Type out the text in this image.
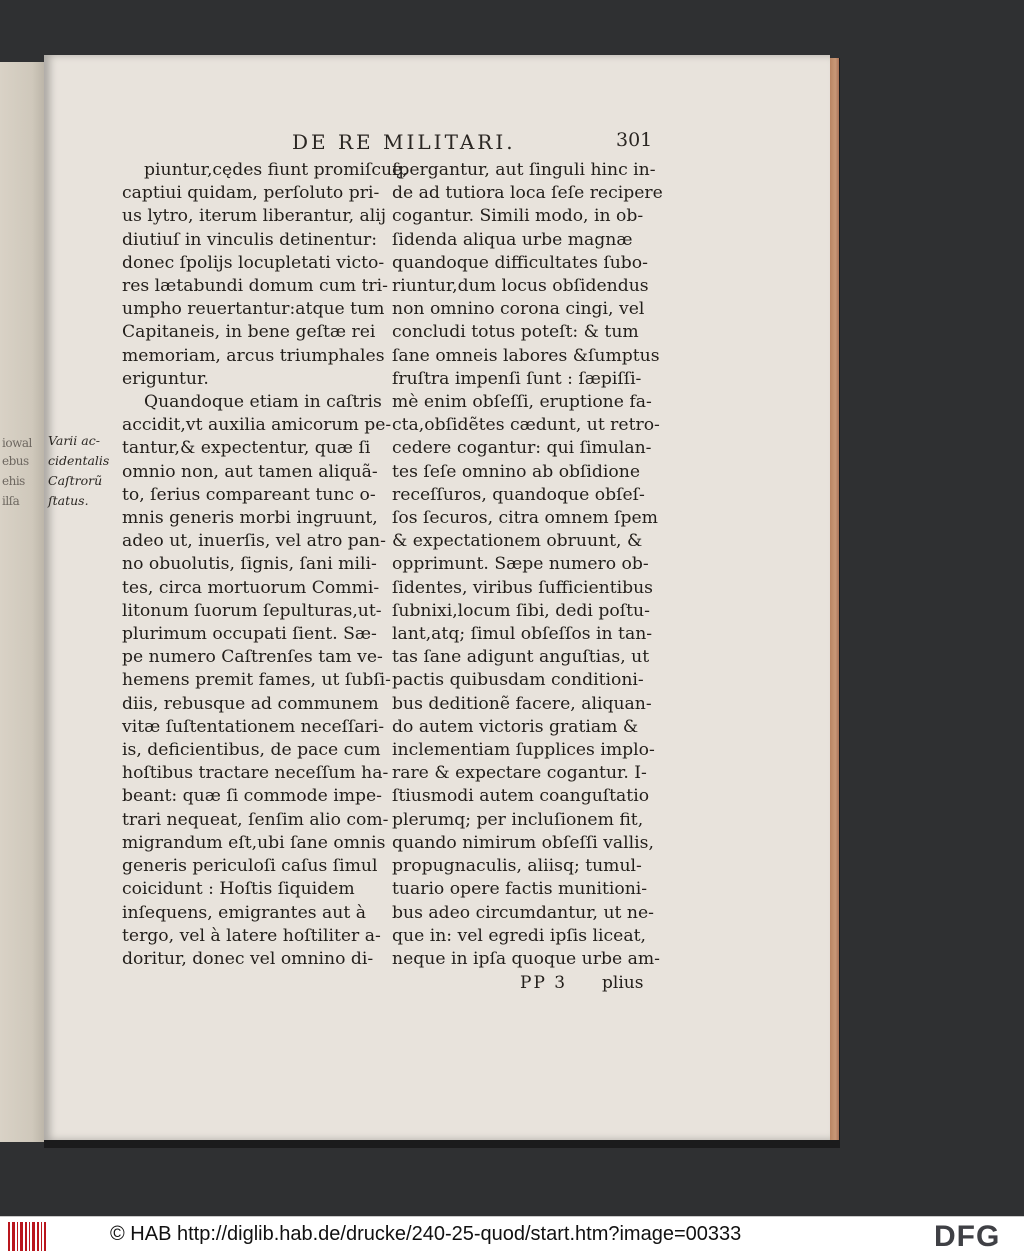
iowal
ebus
ehis
ilſa
DE RE MILITARI.	301
Varii ac-
cidentalis
Caſtrorũ
ſtatus.
piuntur,cędes fiunt promiſcuę,
captiui quidam, perſoluto pri-
us lytro, iterum liberantur, alij
diutiuſ in vinculis detinentur:
donec ſpolijs locupletati victo-
res lætabundi domum cum tri-
umpho reuertantur:atque tum
Capitaneis, in bene geſtæ rei
memoriam, arcus triumphales
eriguntur.
Quandoque etiam in caſtris
accidit,vt auxilia amicorum pe-
tantur,& expectentur, quæ ſi
omnio non, aut tamen aliquã-
to, ſerius compareant tunc o-
mnis generis morbi ingruunt,
adeo ut, inuerſis, vel atro pan-
no obuolutis, ſignis, ſani mili-
tes, circa mortuorum Commi-
litonum ſuorum ſepulturas,ut-
plurimum occupati ſient. Sæ-
pe numero Caſtrenſes tam ve-
hemens premit fames, ut ſubſi-
diis, rebusque ad communem
vitæ ſuſtentationem neceſſari-
is, deficientibus, de pace cum
hoſtibus tractare neceſſum ha-
beant: quæ ſi commode impe-
trari nequeat, ſenſim alio com-
migrandum eſt,ubi ſane omnis
generis periculoſi caſus ſimul
coicidunt : Hoſtis ſiquidem
inſequens, emigrantes aut à
tergo, vel à latere hoſtiliter a-
doritur, donec vel omnino di-
ſpergantur, aut ſinguli hinc in-
de ad tutiora loca ſeſe recipere
cogantur. Simili modo, in ob-
ſidenda aliqua urbe magnæ
quandoque difficultates ſubo-
riuntur,dum locus obſidendus
non omnino corona cingi, vel
concludi totus poteſt: & tum
ſane omneis labores &ſumptus
fruſtra impenſi ſunt : ſæpiſſi-
mè enim obſeſſi, eruptione fa-
cta,obſidẽtes cædunt, ut retro-
cedere cogantur: qui ſimulan-
tes ſeſe omnino ab obſidione
receſſuros, quandoque obſeſ-
ſos ſecuros, citra omnem ſpem
& expectationem obruunt, &
opprimunt. Sæpe numero ob-
ſidentes, viribus ſufficientibus
ſubnixi,locum ſibi, dedi poſtu-
lant,atq; ſimul obſeſſos in tan-
tas ſane adigunt anguſtias, ut
pactis quibusdam conditioni-
bus deditionẽ facere, aliquan-
do autem victoris gratiam &
inclementiam ſupplices implo-
rare & expectare cogantur. I-
ſtiusmodi autem coanguſtatio
plerumq; per incluſionem fit,
quando nimirum obſeſſi vallis,
propugnaculis, aliisq; tumul-
tuario opere factis munitioni-
bus adeo circumdantur, ut ne-
que in: vel egredi ipſis liceat,
neque in ipſa quoque urbe am-
PP 3 plius
© HAB http://diglib.hab.de/drucke/240-25-quod/start.htm?image=00333	DFG
